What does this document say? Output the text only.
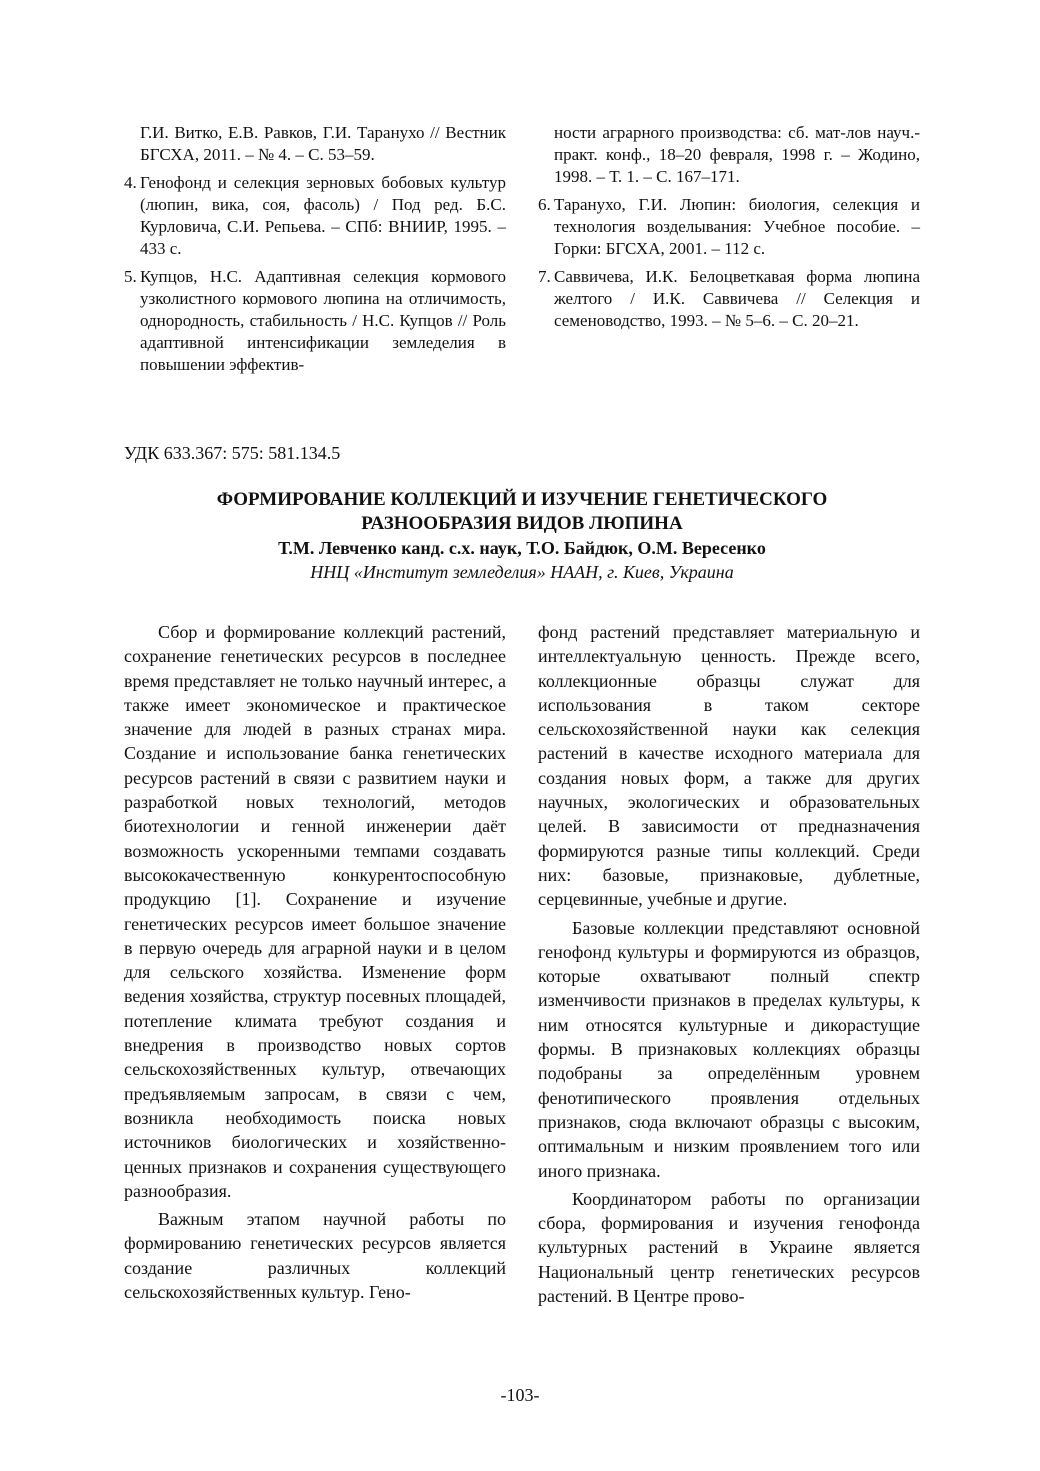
Г.И. Витко, Е.В. Равков, Г.И. Таранухо // Вестник БГСХА, 2011. – № 4. – С. 53–59.
4. Генофонд и селекция зерновых бобовых культур (люпин, вика, соя, фасоль) / Под ред. Б.С. Курловича, С.И. Репьева. – СПб: ВНИИР, 1995. – 433 с.
5. Купцов, Н.С. Адаптивная селекция кормового узколистного кормового люпина на отличимость, однородность, стабильность / Н.С. Купцов // Роль адаптивной интенсификации земледелия в повышении эффектив-
ности аграрного производства: сб. мат-лов науч.-практ. конф., 18–20 февраля, 1998 г. – Жодино, 1998. – Т. 1. – С. 167–171.
6. Таранухо, Г.И. Люпин: биология, селекция и технология возделывания: Учебное пособие. – Горки: БГСХА, 2001. – 112 с.
7. Саввичева, И.К. Белоцветкавая форма люпина желтого / И.К. Саввичева // Селекция и семеноводство, 1993. – № 5–6. – С. 20–21.
УДК 633.367: 575: 581.134.5

ФОРМИРОВАНИЕ КОЛЛЕКЦИЙ И ИЗУЧЕНИЕ ГЕНЕТИЧЕСКОГО

РАЗНООБРАЗИЯ ВИДОВ ЛЮПИНА

Т.М. Левченко канд. с.х. наук, Т.О. Байдюк, О.М. Вересенко

ННЦ «Институт земледелия» НААН, г. Киев, Украина

Сбор и формирование коллекций растений, сохранение генетических ресурсов в последнее время представляет не только научный интерес, а также имеет экономическое и практическое значение для людей в разных странах мира. Создание и использование банка генетических ресурсов растений в связи с развитием науки и разработкой новых технологий, методов биотехнологии и генной инженерии даёт возможность ускоренными темпами создавать высококачественную конкурентоспособную продукцию [1]. Сохранение и изучение генетических ресурсов имеет большое значение в первую очередь для аграрной науки и в целом для сельского хозяйства. Изменение форм ведения хозяйства, структур посевных площадей, потепление климата требуют создания и внедрения в производство новых сортов сельскохозяйственных культур, отвечающих предъявляемым запросам, в связи с чем, возникла необходимость поиска новых источников биологических и хозяйственно-ценных признаков и сохранения существующего разнообразия.

Важным этапом научной работы по формированию генетических ресурсов является создание различных коллекций сельскохозяйственных культур. Гено-

фонд растений представляет материальную и интеллектуальную ценность. Прежде всего, коллекционные образцы служат для использования в таком секторе сельскохозяйственной науки как селекция растений в качестве исходного материала для создания новых форм, а также для других научных, экологических и образовательных целей. В зависимости от предназначения формируются разные типы коллекций. Среди них: базовые, признаковые, дублетные, серцевинные, учебные и другие.

Базовые коллекции представляют основной генофонд культуры и формируются из образцов, которые охватывают полный спектр изменчивости признаков в пределах культуры, к ним относятся культурные и дикорастущие формы. В признаковых коллекциях образцы подобраны за определённым уровнем фенотипического проявления отдельных признаков, сюда включают образцы с высоким, оптимальным и низким проявлением того или иного признака.

Координатором работы по организации сбора, формирования и изучения генофонда культурных растений в Украине является Национальный центр генетических ресурсов растений. В Центре прово-

-103-
